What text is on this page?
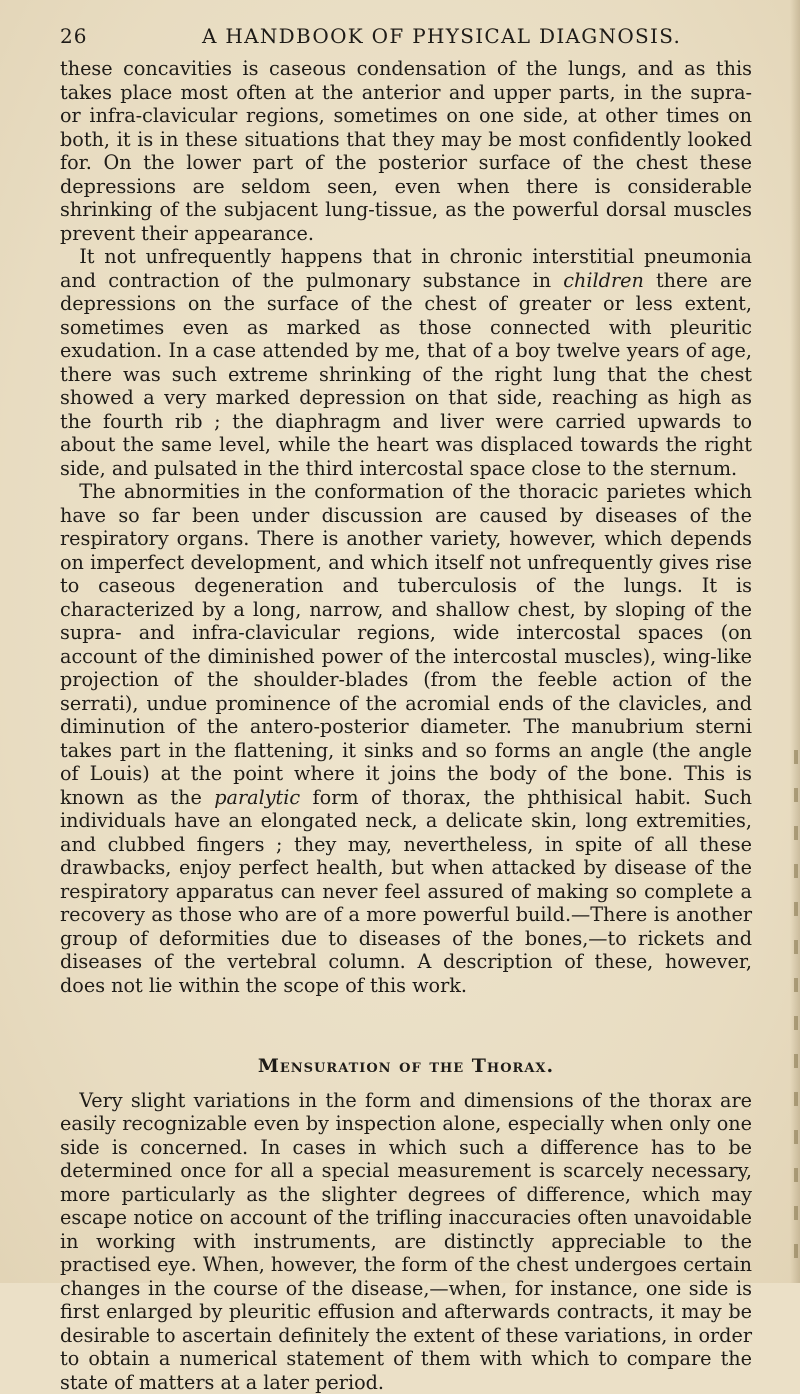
26	A HANDBOOK OF PHYSICAL DIAGNOSIS.

these concavities is caseous condensation of the lungs, and as this takes place most often at the anterior and upper parts, in the supra- or infra-clavicular regions, sometimes on one side, at other times on both, it is in these situations that they may be most confidently looked for. On the lower part of the posterior surface of the chest these depressions are seldom seen, even when there is considerable shrinking of the subjacent lung-tissue, as the powerful dorsal muscles prevent their appearance.

 It not unfrequently happens that in chronic interstitial pneumonia and contraction of the pulmonary substance in children there are depressions on the surface of the chest of greater or less extent, sometimes even as marked as those connected with pleuritic exudation. In a case attended by me, that of a boy twelve years of age, there was such extreme shrinking of the right lung that the chest showed a very marked depression on that side, reaching as high as the fourth rib ; the diaphragm and liver were carried upwards to about the same level, while the heart was displaced towards the right side, and pulsated in the third intercostal space close to the sternum.

 The abnormities in the conformation of the thoracic parietes which have so far been under discussion are caused by diseases of the respiratory organs. There is another variety, however, which depends on imperfect development, and which itself not unfrequently gives rise to caseous degeneration and tuberculosis of the lungs. It is characterized by a long, narrow, and shallow chest, by sloping of the supra- and infra-clavicular regions, wide intercostal spaces (on account of the diminished power of the intercostal muscles), wing-like projection of the shoulder-blades (from the feeble action of the serrati), undue prominence of the acromial ends of the clavicles, and diminution of the antero-posterior diameter. The manubrium sterni takes part in the flattening, it sinks and so forms an angle (the angle of Louis) at the point where it joins the body of the bone. This is known as the paralytic form of thorax, the phthisical habit. Such individuals have an elongated neck, a delicate skin, long extremities, and clubbed fingers ; they may, nevertheless, in spite of all these drawbacks, enjoy perfect health, but when attacked by disease of the respiratory apparatus can never feel assured of making so complete a recovery as those who are of a more powerful build.—There is another group of deformities due to diseases of the bones,—to rickets and diseases of the vertebral column. A description of these, however, does not lie within the scope of this work.

Mensuration of the Thorax.

 Very slight variations in the form and dimensions of the thorax are easily recognizable even by inspection alone, especially when only one side is concerned. In cases in which such a difference has to be determined once for all a special measurement is scarcely necessary, more particularly as the slighter degrees of difference, which may escape notice on account of the trifling inaccuracies often unavoidable in working with instruments, are distinctly appreciable to the practised eye. When, however, the form of the chest undergoes certain changes in the course of the disease,—when, for instance, one side is first enlarged by pleuritic effusion and afterwards contracts, it may be desirable to ascertain definitely the extent of these variations, in order to obtain a numerical statement of them with which to compare the state of matters at a later period.
